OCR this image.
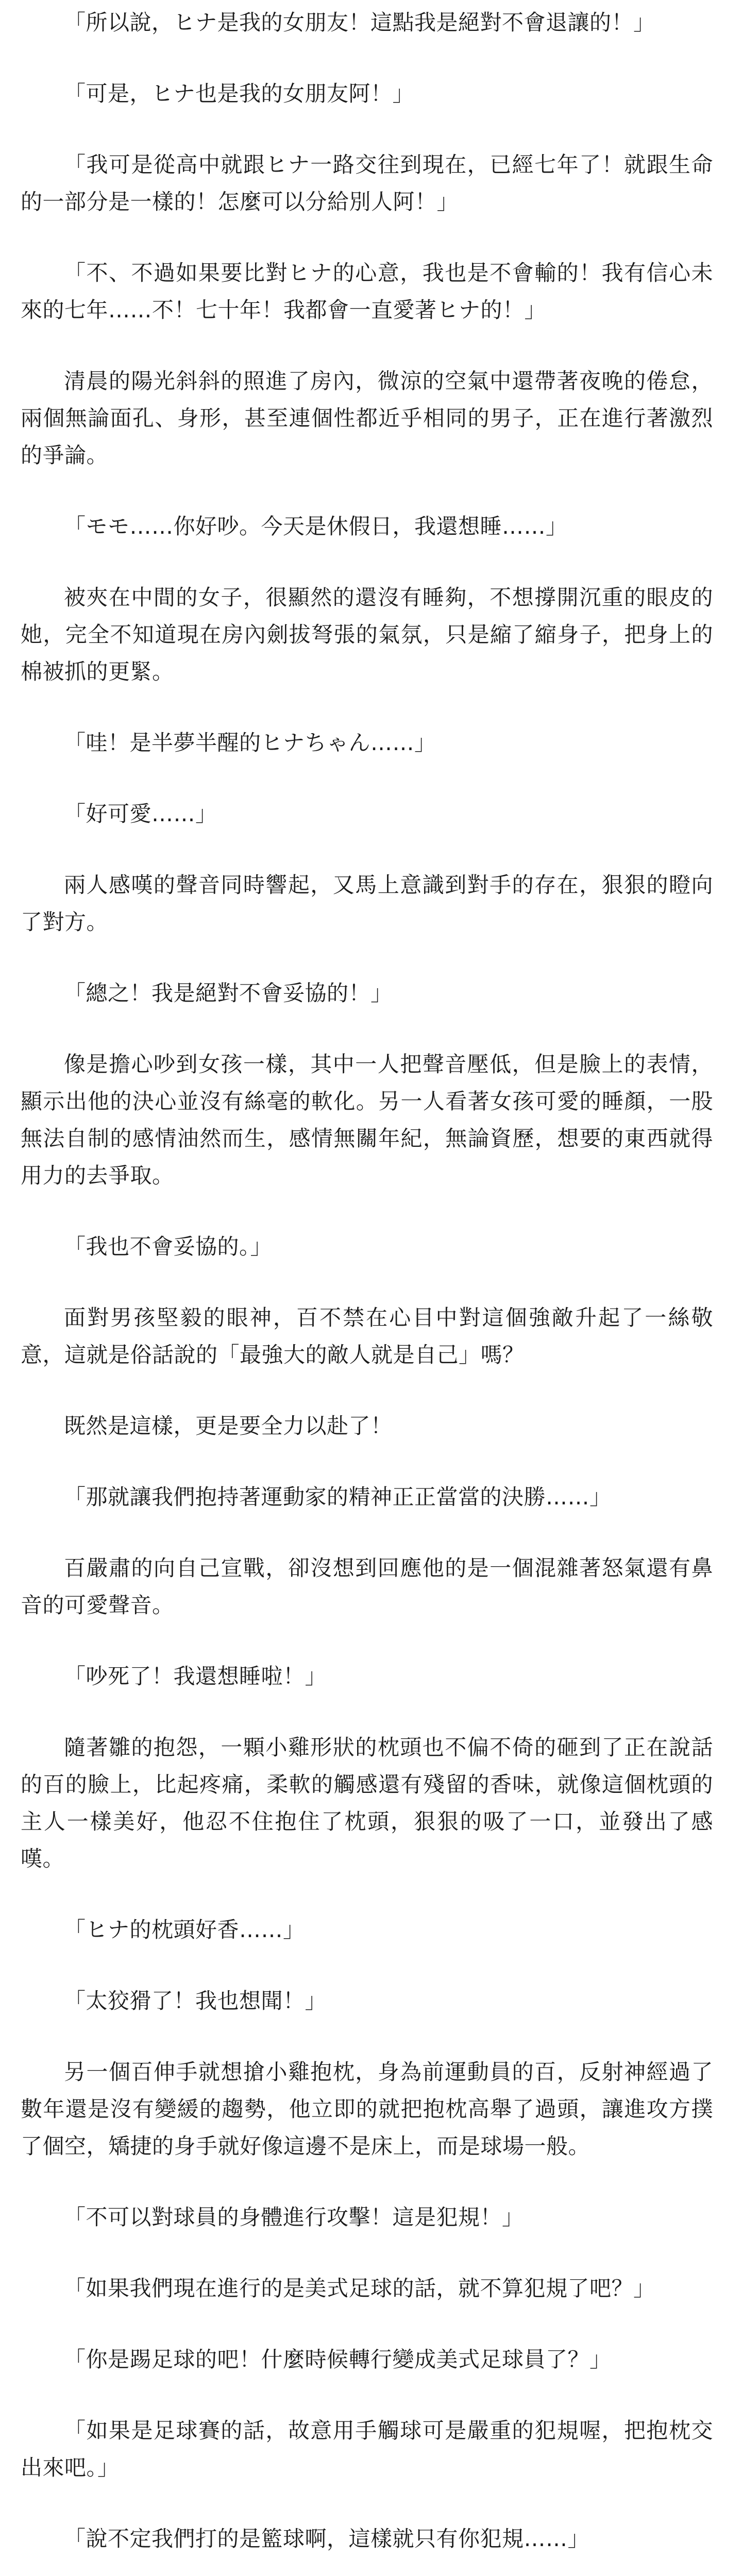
「所以說，ヒナ是我的女朋友！這點我是絕對不會退讓的！」

「可是，ヒナ也是我的女朋友阿！」

「我可是從高中就跟ヒナ一路交往到現在，已經七年了！就跟生命的一部分是一樣的！怎麼可以分給別人阿！」

「不、不過如果要比對ヒナ的心意，我也是不會輸的！我有信心未來的七年……不！七十年！我都會一直愛著ヒナ的！」

清晨的陽光斜斜的照進了房內，微涼的空氣中還帶著夜晚的倦怠，兩個無論面孔、身形，甚至連個性都近乎相同的男子，正在進行著激烈的爭論。

「モモ……你好吵。今天是休假日，我還想睡……」

被夾在中間的女子，很顯然的還沒有睡夠，不想撐開沉重的眼皮的她，完全不知道現在房內劍拔弩張的氣氛，只是縮了縮身子，把身上的棉被抓的更緊。

「哇！是半夢半醒的ヒナちゃん……」

「好可愛……」

兩人感嘆的聲音同時響起，又馬上意識到對手的存在，狠狠的瞪向了對方。

「總之！我是絕對不會妥協的！」

像是擔心吵到女孩一樣，其中一人把聲音壓低，但是臉上的表情，顯示出他的決心並沒有絲毫的軟化。另一人看著女孩可愛的睡顏，一股無法自制的感情油然而生，感情無關年紀，無論資歷，想要的東西就得用力的去爭取。

「我也不會妥協的。」

面對男孩堅毅的眼神，百不禁在心目中對這個強敵升起了一絲敬意，這就是俗話說的「最強大的敵人就是自己」嗎？

既然是這樣，更是要全力以赴了！

「那就讓我們抱持著運動家的精神正正當當的決勝……」

百嚴肅的向自己宣戰，卻沒想到回應他的是一個混雜著怒氣還有鼻音的可愛聲音。

「吵死了！我還想睡啦！」

隨著雛的抱怨，一顆小雞形狀的枕頭也不偏不倚的砸到了正在說話的百的臉上，比起疼痛，柔軟的觸感還有殘留的香味，就像這個枕頭的主人一樣美好，他忍不住抱住了枕頭，狠狠的吸了一口，並發出了感嘆。

「ヒナ的枕頭好香……」

「太狡猾了！我也想聞！」

另一個百伸手就想搶小雞抱枕，身為前運動員的百，反射神經過了數年還是沒有變緩的趨勢，他立即的就把抱枕高舉了過頭，讓進攻方撲了個空，矯捷的身手就好像這邊不是床上，而是球場一般。

「不可以對球員的身體進行攻擊！這是犯規！」

「如果我們現在進行的是美式足球的話，就不算犯規了吧？」

「你是踢足球的吧！什麼時候轉行變成美式足球員了？」

「如果是足球賽的話，故意用手觸球可是嚴重的犯規喔，把抱枕交出來吧。」

「說不定我們打的是籃球啊，這樣就只有你犯規……」
